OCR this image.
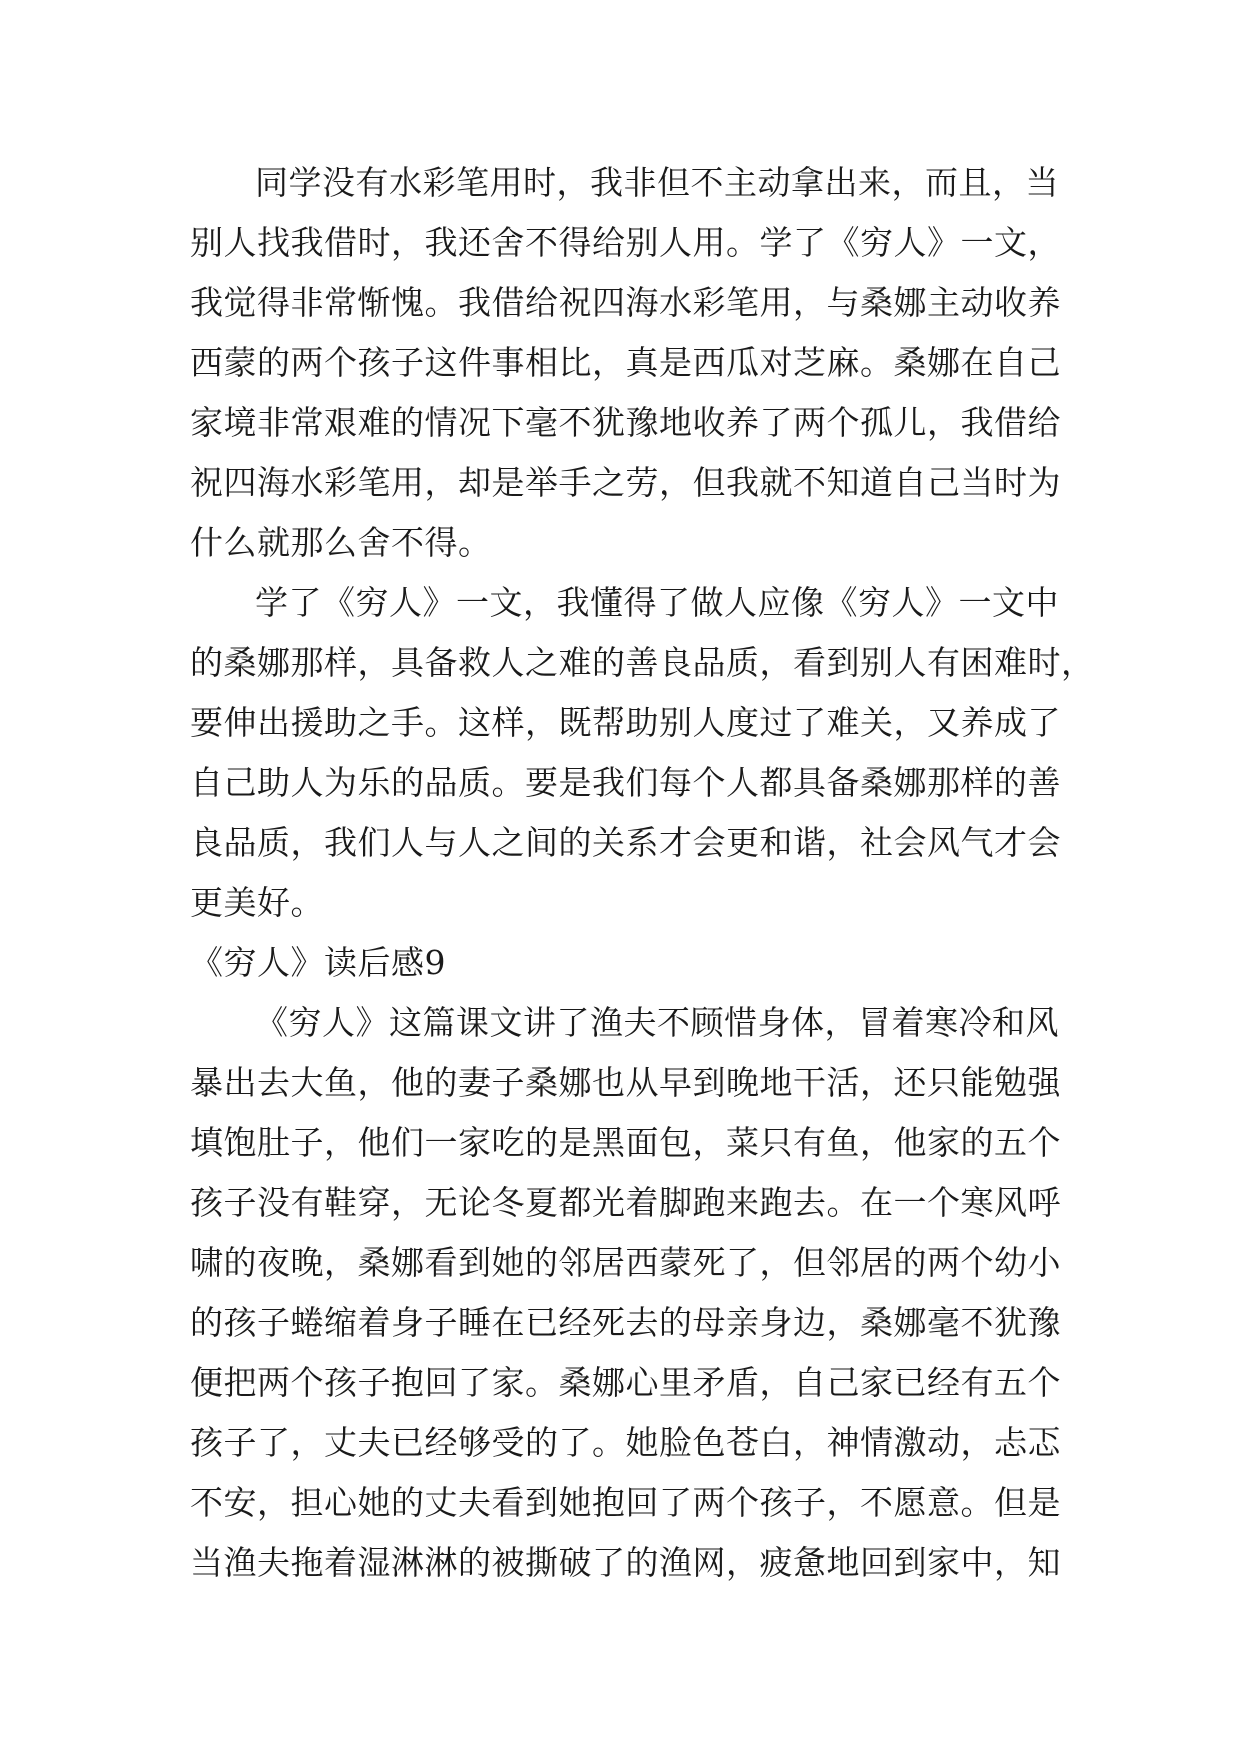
同学没有水彩笔用时，我非但不主动拿出来，而且，当
别人找我借时，我还舍不得给别人用。学了《穷人》一文，
我觉得非常惭愧。我借给祝四海水彩笔用，与桑娜主动收养
西蒙的两个孩子这件事相比，真是西瓜对芝麻。桑娜在自己
家境非常艰难的情况下毫不犹豫地收养了两个孤儿，我借给
祝四海水彩笔用，却是举手之劳，但我就不知道自己当时为
什么就那么舍不得。
学了《穷人》一文，我懂得了做人应像《穷人》一文中
的桑娜那样，具备救人之难的善良品质，看到别人有困难时，
要伸出援助之手。这样，既帮助别人度过了难关，又养成了
自己助人为乐的品质。要是我们每个人都具备桑娜那样的善
良品质，我们人与人之间的关系才会更和谐，社会风气才会
更美好。
《穷人》读后感9
《穷人》这篇课文讲了渔夫不顾惜身体，冒着寒冷和风
暴出去大鱼，他的妻子桑娜也从早到晚地干活，还只能勉强
填饱肚子，他们一家吃的是黑面包，菜只有鱼，他家的五个
孩子没有鞋穿，无论冬夏都光着脚跑来跑去。在一个寒风呼
啸的夜晚，桑娜看到她的邻居西蒙死了，但邻居的两个幼小
的孩子蜷缩着身子睡在已经死去的母亲身边，桑娜毫不犹豫
便把两个孩子抱回了家。桑娜心里矛盾，自己家已经有五个
孩子了，丈夫已经够受的了。她脸色苍白，神情激动，忐忑
不安，担心她的丈夫看到她抱回了两个孩子，不愿意。但是
当渔夫拖着湿淋淋的被撕破了的渔网，疲惫地回到家中，知
